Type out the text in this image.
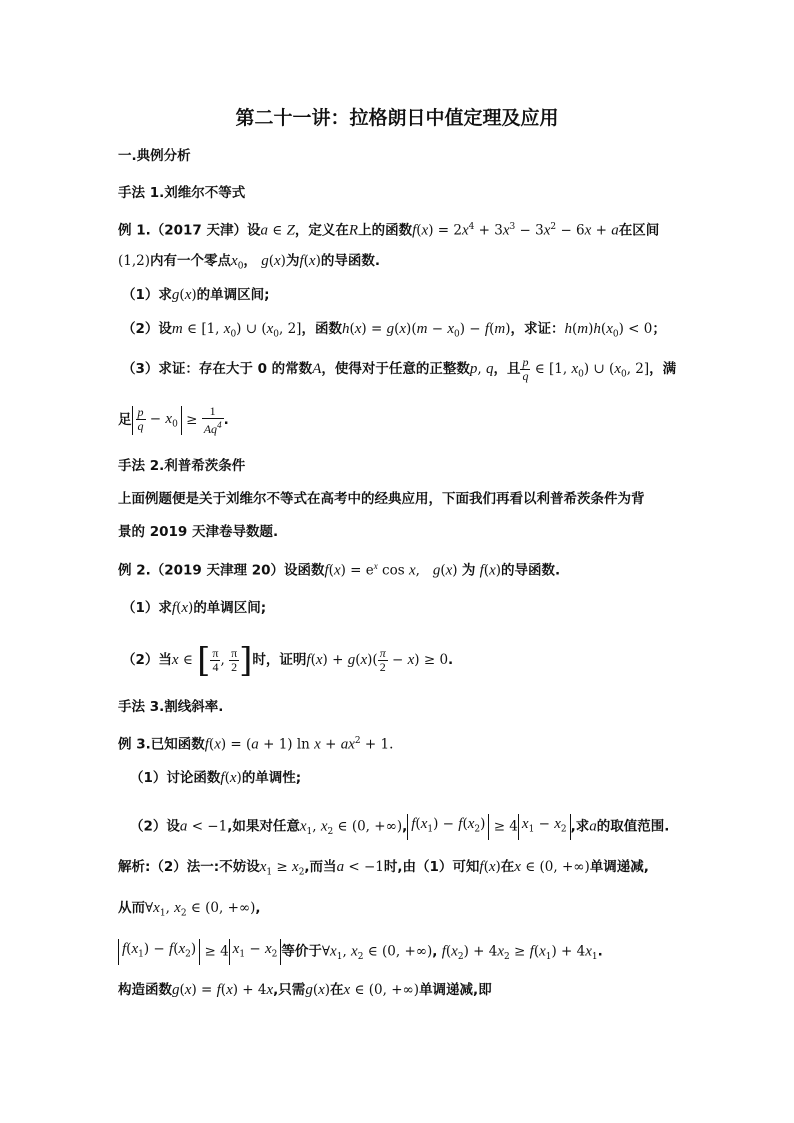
第二十一讲：拉格朗日中值定理及应用
一.典例分析
手法 1.刘维尔不等式
例 1.（2017 天津）设a ∈ Z，定义在R上的函数$f(x) = 2x^4 + 3x^3 - 3x^2 - 6x + a$在区间
(1,2)内有一个零点$x_0$， g(x)为f(x)的导函数.
（1）求g(x)的单调区间;
（2）设m ∈ [1, $x_0$) ∪ ($x_0$, 2]，函数$h(x) = g(x)(m - x_0) - f(m)$，求证：$h(m)h(x_0) < 0$；
（3）求证：存在大于 0 的常数A，使得对于任意的正整数p, q，且 $\frac{p}{q}$ ∈ [1, $x_0$) ∪ ($x_0$, 2]，满
足 $\frac{p}{q} - x_0 \ge \frac{1}{Aq^4}$ .
手法 2.利普希茨条件
上面例题便是关于刘维尔不等式在高考中的经典应用，下面我们再看以利普希茨条件为背
景的 2019 天津卷导数题.
例 2.（2019 天津理 20）设函数$f(x) = e^x$ cos x,   g(x) 为 f(x)的导函数.
（1）求f(x)的单调区间;
（2）当x ∈ [ $\frac{\pi}{4}$ , $\frac{\pi}{2}$ ]时，证明$f(x) + g(x)( \frac{\pi}{2} - x) \ge 0$.
手法 3.割线斜率.
例 3.已知函数f(x) = (a + 1) $\ln x + ax^2 + 1$.
（1）讨论函数f(x)的单调性;
（2）设a < −1,如果对任意$x_1$, $x_2$ ∈ (0, +∞), $f(x_1) - f(x_2) \ge 4$ $x_1 - x_2$ ,求a的取值范围.
解析:（2）法一:不妨设$x_1 \ge x_2$,而当a < −1时,由（1）可知f(x)在x ∈ (0, +∞)单调递减,
从而$\forall x_1$, $x_2$ ∈ (0, +∞),
$f(x_1) - f(x_2) \ge 4$ $x_1 - x_2$ 等价于$\forall x_1$, $x_2$ ∈ (0, +∞), $f(x_2) + 4x_2 \ge f(x_1) + 4x_1$.
构造函数g(x) = f(x) + 4x,只需g(x)在x ∈ (0, +∞)单调递减,即
